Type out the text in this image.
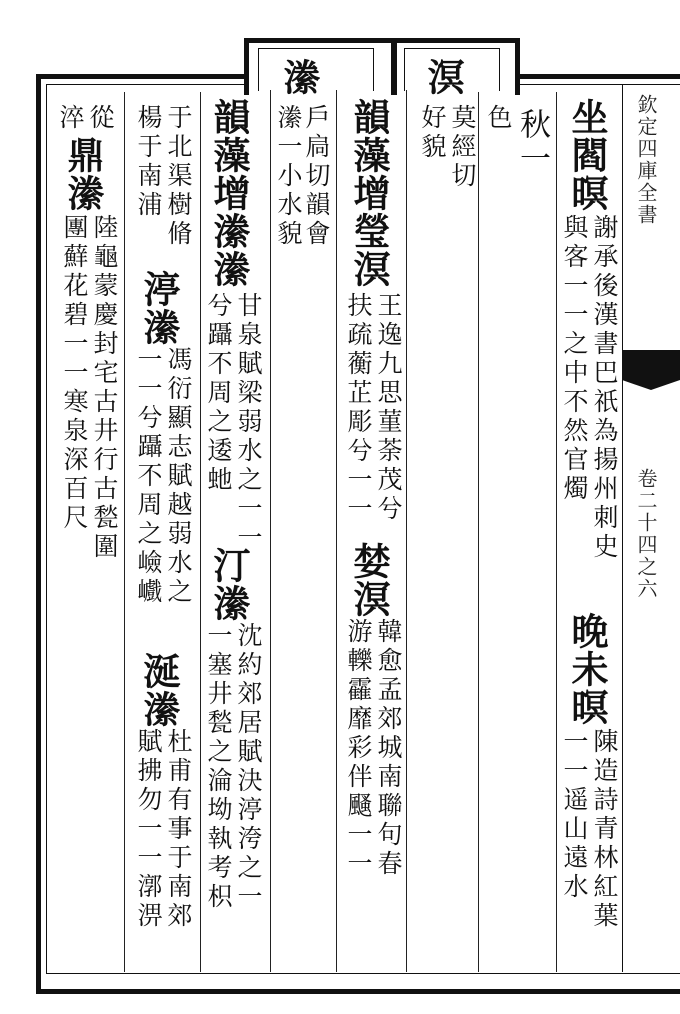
欽定四庫全書
卷二十四之六
坐閻暝
謝承後漢書巴祇為揚州刺史
與客一一之中不然官燭
晚未暝
陳造詩青林紅葉
一一遥山遠水
秋一
色
溟
莫經切
好貌
韻藻增瑩溟
王逸九思菫荼茂兮
扶疏蘅芷彫兮一一
婪溟
韓愈孟郊城南聯句春
游轢靃靡彩伴颾一一
潫
戶扃切韻會
潫一小水貌
韻藻增潫潫
甘泉賦梁弱水之一一
兮躡不周之逶虵
汀潫
沈約郊居賦決渟洿之一
一塞井甃之淪坳執考枳
于北渠樹脩
楊于南浦
渟潫
馮衍顯志賦越弱水之
一一兮躡不周之嶮巇
涎潫
杜甫有事于南郊
賦拂勿一一漷淠
從
淬
鼎潫
陸龜蒙慶封宅古井行古甃圍
團蘚花碧一一寒泉深百尺
